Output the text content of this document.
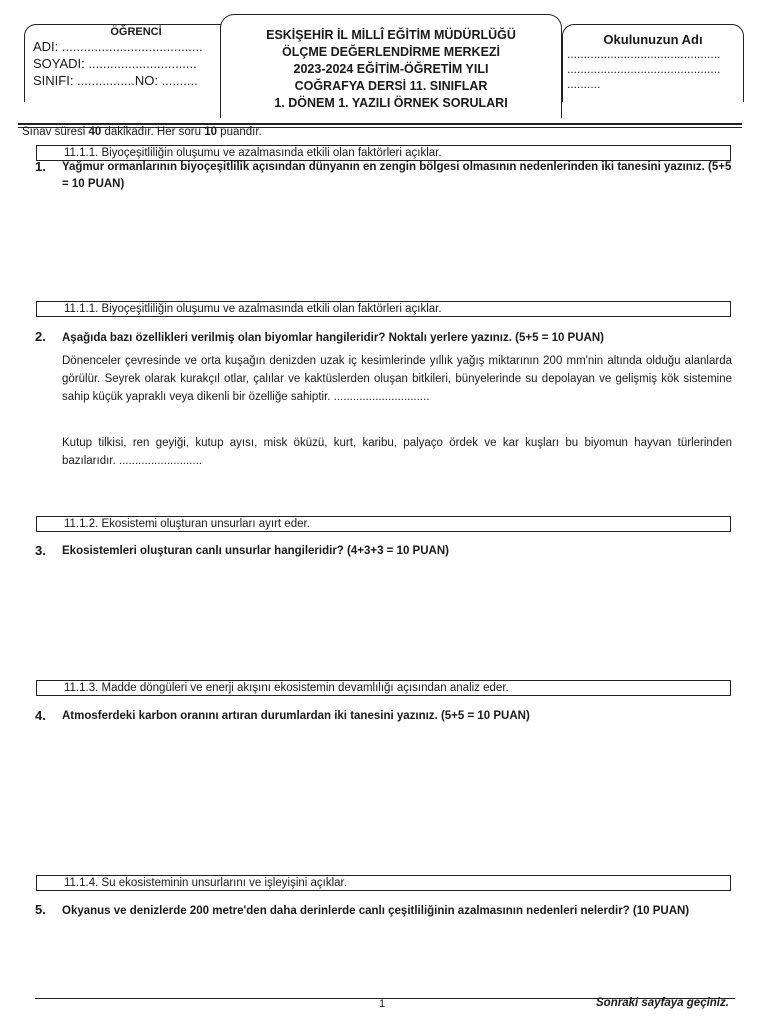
ÖĞRENCİ
ADI: .......................................
SOYADI: ..............................
SINIFI: ................NO: ..........
Okulunuzun Adı
..............................................
..............................................
..........
ESKİŞEHİR İL MİLLÎ EĞİTİM MÜDÜRLÜĞÜ
ÖLÇME DEĞERLENDİRME MERKEZİ
2023-2024 EĞİTİM-ÖĞRETİM YILI
COĞRAFYA DERSİ 11. SINIFLAR
1. DÖNEM 1. YAZILI ÖRNEK SORULARI
Sınav süresi 40 dakikadır. Her soru 10 puandır.
11.1.1. Biyoçeşitliliğin oluşumu ve azalmasında etkili olan faktörleri açıklar.
1. Yağmur ormanlarının biyoçeşitlilik açısından dünyanın en zengin bölgesi olmasının nedenlerinden iki tanesini yazınız. (5+5 = 10 PUAN)
11.1.1. Biyoçeşitliliğin oluşumu ve azalmasında etkili olan faktörleri açıklar.
2. Aşağıda bazı özellikleri verilmiş olan biyomlar hangileridir? Noktalı yerlere yazınız. (5+5 = 10 PUAN)
Dönenceler çevresinde ve orta kuşağın denizden uzak iç kesimlerinde yıllık yağış miktarının 200 mm'nin altında olduğu alanlarda görülür. Seyrek olarak kurakçıl otlar, çalılar ve kaktüslerden oluşan bitkileri, bünyelerinde su depolayan ve gelişmiş kök sistemine sahip küçük yapraklı veya dikenli bir özelliğe sahiptir. ..............................
Kutup tilkisi, ren geyiği, kutup ayısı, misk öküzü, kurt, karibu, palyaço ördek ve kar kuşları bu biyomun hayvan türlerinden bazılarıdır. ..........................
11.1.2. Ekosistemi oluşturan unsurları ayırt eder.
3. Ekosistemleri oluşturan canlı unsurlar hangileridir? (4+3+3 = 10 PUAN)
11.1.3. Madde döngüleri ve enerji akışını ekosistemin devamlılığı açısından analiz eder.
4. Atmosferdeki karbon oranını artıran durumlardan iki tanesini yazınız. (5+5 = 10 PUAN)
11.1.4. Su ekosisteminin unsurlarını ve işleyişini açıklar.
5. Okyanus ve denizlerde 200 metre'den daha derinlerde canlı çeşitliliğinin azalmasının nedenleri nelerdir? (10 PUAN)
1	Sonraki sayfaya geçiniz.
